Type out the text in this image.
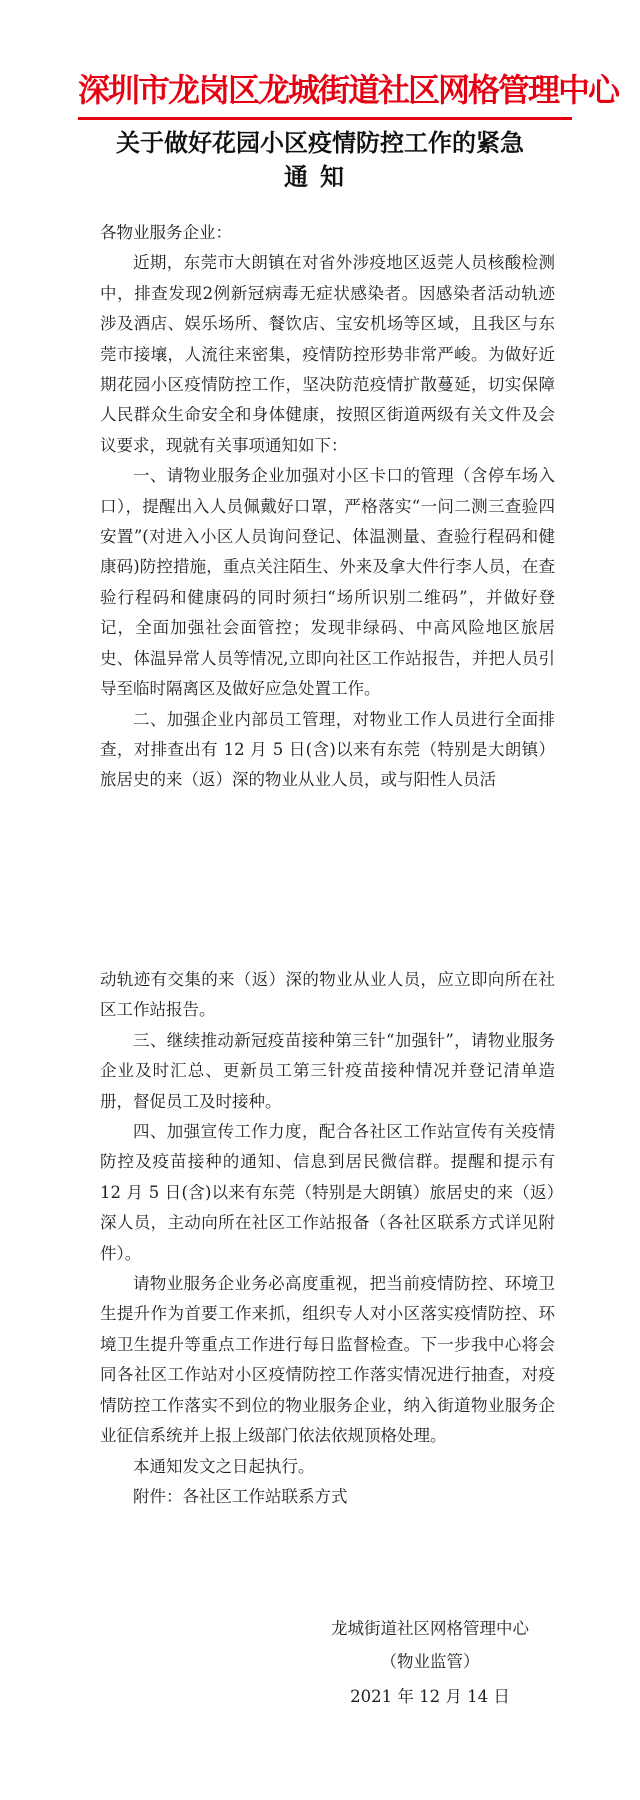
深圳市龙岗区龙城街道社区网格管理中心
关于做好花园小区疫情防控工作的紧急
通知

各物业服务企业：

近期，东莞市大朗镇在对省外涉疫地区返莞人员核酸检测中，排查发现2例新冠病毒无症状感染者。因感染者活动轨迹涉及酒店、娱乐场所、餐饮店、宝安机场等区域，且我区与东莞市接壤，人流往来密集，疫情防控形势非常严峻。为做好近期花园小区疫情防控工作，坚决防范疫情扩散蔓延，切实保障人民群众生命安全和身体健康，按照区街道两级有关文件及会议要求，现就有关事项通知如下：

一、请物业服务企业加强对小区卡口的管理（含停车场入口），提醒出入人员佩戴好口罩，严格落实“一问二测三查验四安置”(对进入小区人员询问登记、体温测量、查验行程码和健康码)防控措施，重点关注陌生、外来及拿大件行李人员，在查验行程码和健康码的同时须扫“场所识别二维码”，并做好登记，全面加强社会面管控；发现非绿码、中高风险地区旅居史、体温异常人员等情况,立即向社区工作站报告，并把人员引导至临时隔离区及做好应急处置工作。

二、加强企业内部员工管理，对物业工作人员进行全面排查，对排查出有 12 月 5 日(含)以来有东莞（特别是大朗镇）旅居史的来（返）深的物业从业人员，或与阳性人员活

动轨迹有交集的来（返）深的物业从业人员，应立即向所在社区工作站报告。

三、继续推动新冠疫苗接种第三针“加强针”，请物业服务企业及时汇总、更新员工第三针疫苗接种情况并登记清单造册，督促员工及时接种。

四、加强宣传工作力度，配合各社区工作站宣传有关疫情防控及疫苗接种的通知、信息到居民微信群。提醒和提示有 12 月 5 日(含)以来有东莞（特别是大朗镇）旅居史的来（返）深人员，主动向所在社区工作站报备（各社区联系方式详见附件）。

请物业服务企业务必高度重视，把当前疫情防控、环境卫生提升作为首要工作来抓，组织专人对小区落实疫情防控、环境卫生提升等重点工作进行每日监督检查。下一步我中心将会同各社区工作站对小区疫情防控工作落实情况进行抽查，对疫情防控工作落实不到位的物业服务企业，纳入街道物业服务企业征信系统并上报上级部门依法依规顶格处理。

本通知发文之日起执行。

附件：各社区工作站联系方式

龙城街道社区网格管理中心
（物业监管）
2021 年 12 月 14 日
